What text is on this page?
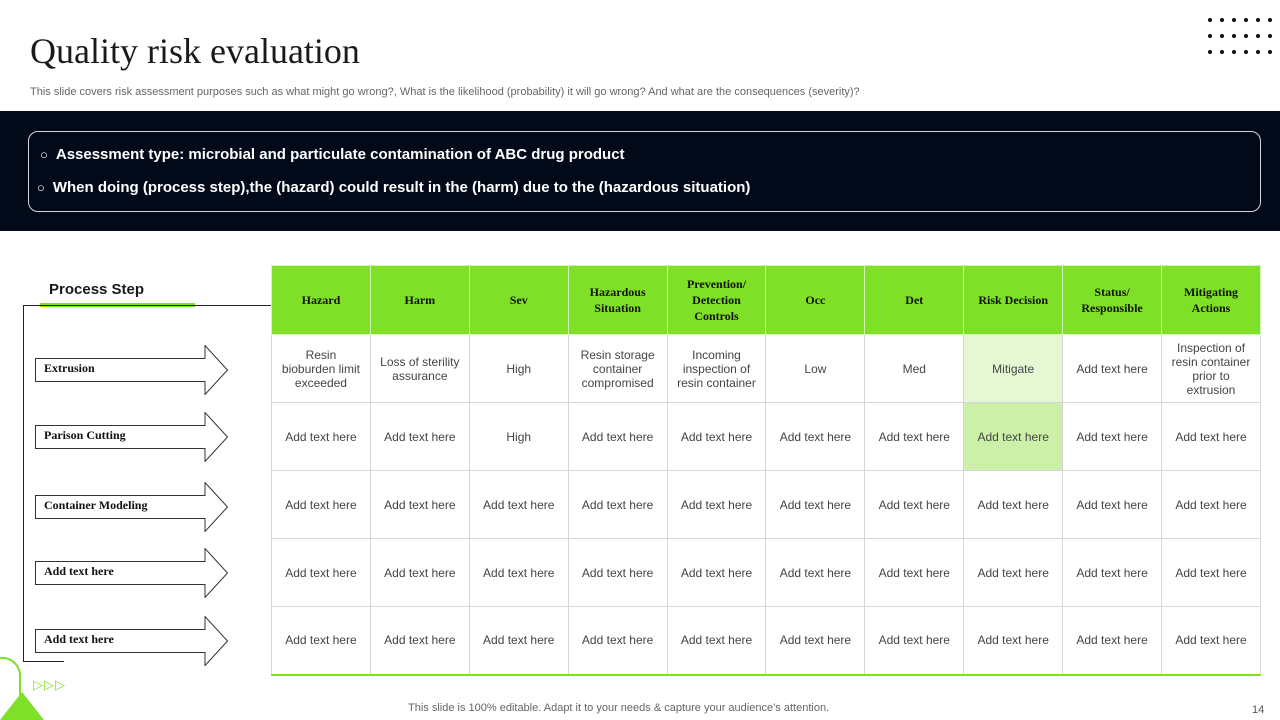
Quality risk evaluation
This slide covers risk assessment purposes such as what might go wrong?, What is the likelihood (probability) it will go wrong? And what are the consequences (severity)?
○ Assessment type: microbial and particulate contamination of ABC drug product
○ When doing (process step),the (hazard) could result in the (harm) due to the (hazardous situation)
Process Step
Extrusion
Parison Cutting
Container Modeling
Add text here
Add text here
Hazard	Harm	Sev	Hazardous Situation	Prevention/ Detection Controls	Occ	Det	Risk Decision	Status/ Responsible	Mitigating Actions
Resin bioburden limit exceeded	Loss of sterility assurance	High	Resin storage container compromised	Incoming inspection of resin container	Low	Med	Mitigate	Add text here	Inspection of resin container prior to extrusion
Add text here	Add text here	High	Add text here	Add text here	Add text here	Add text here	Add text here	Add text here	Add text here
Add text here	Add text here	Add text here	Add text here	Add text here	Add text here	Add text here	Add text here	Add text here	Add text here
Add text here	Add text here	Add text here	Add text here	Add text here	Add text here	Add text here	Add text here	Add text here	Add text here
Add text here	Add text here	Add text here	Add text here	Add text here	Add text here	Add text here	Add text here	Add text here	Add text here
▷▷▷
This slide is 100% editable. Adapt it to your needs & capture your audience’s attention.	14
